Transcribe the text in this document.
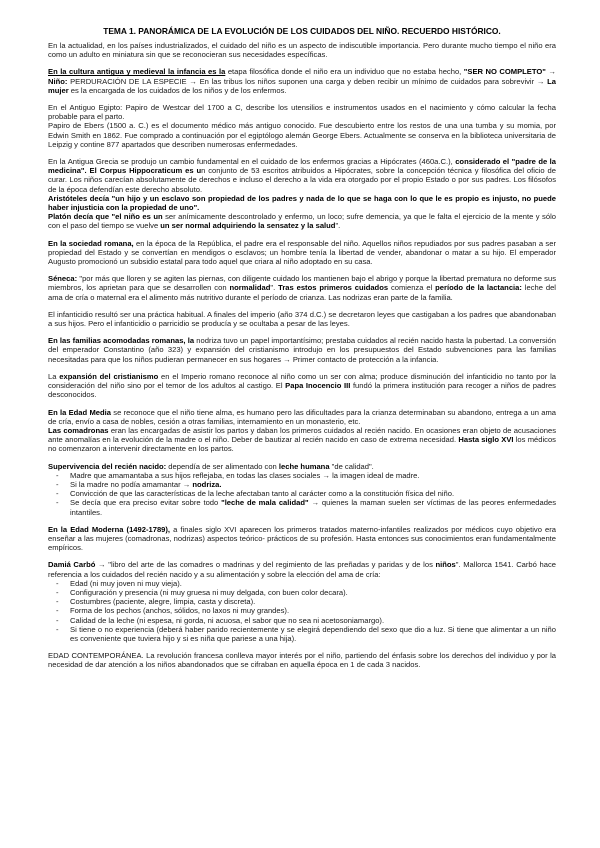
TEMA 1. PANORÁMICA DE LA EVOLUCIÓN DE LOS CUIDADOS DEL NIÑO. RECUERDO HISTÓRICO.

En la actualidad, en los países industrializados, el cuidado del niño es un aspecto de indiscutible importancia. Pero durante mucho tiempo el niño era como un adulto en miniatura sin que se reconocieran sus necesidades específicas.

En la cultura antigua y medieval la infancia es la etapa filosófica donde el niño era un individuo que no estaba hecho, "SER NO COMPLETO" → Niño: PERDURACIÓN DE LA ESPECIE → En las tribus los niños suponen una carga y deben recibir un mínimo de cuidados para sobrevivir → La mujer es la encargada de los cuidados de los niños y de los enfermos.

En el Antiguo Egipto: Papiro de Westcar del 1700 a C, describe los utensilios e instrumentos usados en el nacimiento y cómo calcular la fecha probable para el parto.

Papiro de Ebers (1500 a. C.) es el documento médico más antiguo conocido. Fue descubierto entre los restos de una una tumba y su momia, por Edwin Smith en 1862. Fue comprado a continuación por el egiptólogo alemán George Ebers. Actualmente se conserva en la biblioteca universitaria de Leipzig y contine 877 apartados que describen numerosas enfermedades.

En la Antigua Grecia se produjo un cambio fundamental en el cuidado de los enfermos gracias a Hipócrates (460a.C.), considerado el "padre de la medicina". El Corpus Hippocraticum es un conjunto de 53 escritos atribuidos a Hipócrates, sobre la concepción técnica y filosófica del oficio de curar. Los niños carecían absolutamente de derechos e incluso el derecho a la vida era otorgado por el propio Estado o por sus padres. Los filósofos de la época defendían este derecho absoluto.
Aristóteles decía "un hijo y un esclavo son propiedad de los padres y nada de lo que se haga con lo que le es propio es injusto, no puede haber injusticia con la propiedad de uno".
Platón decía que "el niño es un ser anímicamente descontrolado y enfermo, un loco; sufre demencia, ya que le falta el ejercicio de la mente y sólo con el paso del tiempo se vuelve un ser normal adquiriendo la sensatez y la salud".

En la sociedad romana, en la época de la República, el padre era el responsable del niño. Aquellos niños repudiados por sus padres pasaban a ser propiedad del Estado y se convertían en mendigos o esclavos; un hombre tenía la libertad de vender, abandonar o matar a su hijo. El emperador Augusto promocionó un subsidio estatal para todo aquel que criara al niño adoptado en su casa.

Séneca: "por más que lloren y se agiten las piernas, con diligente cuidado los mantienen bajo el abrigo y porque la libertad prematura no deforme sus miembros, los aprietan para que se desarrollen con normalidad". Tras estos primeros cuidados comienza el período de la lactancia: leche del ama de cría o maternal era el alimento más nutritivo durante el período de crianza. Las nodrizas eran parte de la familia.

El infanticidio resultó ser una práctica habitual. A finales del imperio (año 374 d.C.) se decretaron leyes que castigaban a los padres que abandonaban a sus hijos. Pero el infanticidio o parricidio se producía y se ocultaba a pesar de las leyes.

En las familias acomodadas romanas, la nodriza tuvo un papel importantísimo; prestaba cuidados al recién nacido hasta la pubertad. La conversión del emperador Constantino (año 323) y expansión del cristianismo introdujo en los presupuestos del Estado subvenciones para las familias necesitadas para que los niños pudieran permanecer en sus hogares → Primer contacto de protección a la infancia.

La expansión del cristianismo en el Imperio romano reconoce al niño como un ser con alma; produce disminución del infanticidio no tanto por la consideración del niño sino por el temor de los adultos al castigo. El Papa Inocencio III fundó la primera institución para recoger a niños de padres desconocidos.

En la Edad Media se reconoce que el niño tiene alma, es humano pero las dificultades para la crianza determinaban su abandono, entrega a un ama de cría, envío a casa de nobles, cesión a otras familias, internamiento en un monasterio, etc.
Las comadronas eran las encargadas de asistir los partos y daban los primeros cuidados al recién nacido. En ocasiones eran objeto de acusaciones ante anomalías en la evolución de la madre o el niño. Deber de bautizar al recién nacido en caso de extrema necesidad. Hasta siglo XVI los médicos no comenzaron a intervenir directamente en los partos.

Supervivencia del recién nacido: dependía de ser alimentado con leche humana "de calidad".

- Madre que amamantaba a sus hijos reflejaba, en todas las clases sociales → la imagen ideal de madre.
- Si la madre no podía amamantar → nodriza.
- Convicción de que las características de la leche afectaban tanto al carácter como a la constitución física del niño.
- Se decía que era preciso evitar sobre todo "leche de mala calidad" → quienes la maman suelen ser víctimas de las peores enfermedades intantiles.

En la Edad Moderna (1492-1789), a finales siglo XVI aparecen los primeros tratados materno-infantiles realizados por médicos cuyo objetivo era enseñar a las mujeres (comadronas, nodrizas) aspectos teórico- prácticos de su profesión. Hasta entonces sus conocimientos eran fundamentalmente empíricos.

Damiá Carbó → "libro del arte de las comadres o madrinas y del regimiento de las preñadas y paridas y de los niños". Mallorca 1541. Carbó hace referencia a los cuidados del recién nacido y a su alimentación y sobre la elección del ama de cría:

- Edad (ni muy joven ni muy vieja).
- Configuración y presencia (ni muy gruesa ni muy delgada, con buen color decara).
- Costumbres (paciente, alegre, limpia, casta y discreta).
- Forma de los pechos (anchos, sólidos, no laxos ni muy grandes).
- Calidad de la leche (ni espesa, ni gorda, ni acuosa, el sabor que no sea ni acetosoniamargo).
- Si tiene o no experiencia (deberá haber parido recientemente y se elegirá dependiendo del sexo que dio a luz. Si tiene que alimentar a un niño es conveniente que tuviera hijo y si es niña que pariese a una hija).

EDAD CONTEMPORÁNEA. La revolución francesa conlleva mayor interés por el niño, partiendo del énfasis sobre los derechos del individuo y por la necesidad de dar atención a los niños abandonados que se cifraban en aquella época en 1 de cada 3 nacidos.
